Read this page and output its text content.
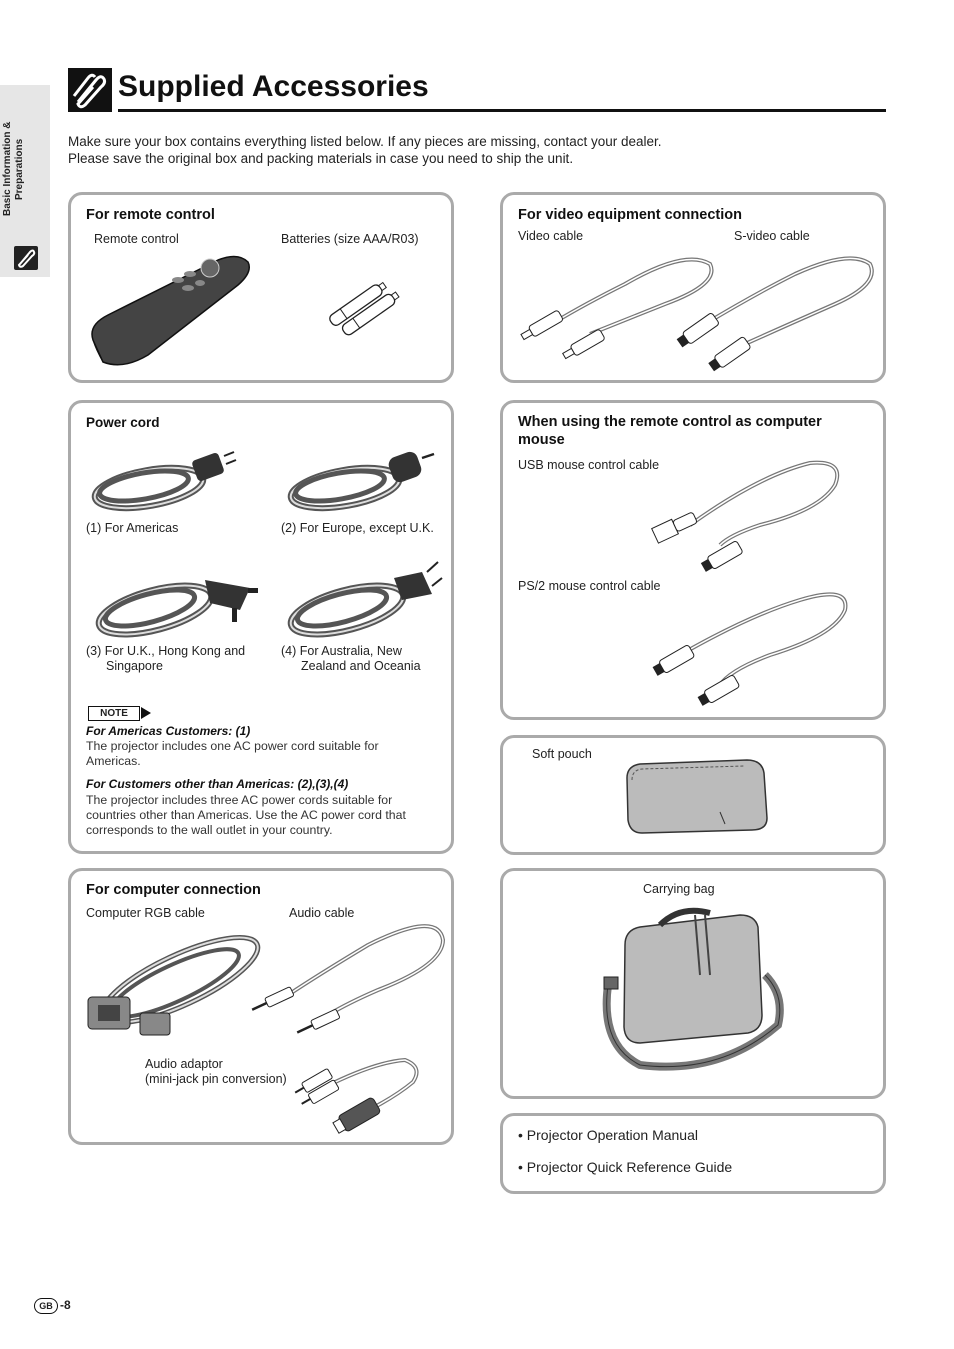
Basic Information & Preparations
Supplied Accessories
Make sure your box contains everything listed below. If any pieces are missing, contact your dealer.
Please save the original box and packing materials in case you need to ship the unit.
For remote control
Remote control	Batteries (size AAA/R03)
For video equipment connection
Video cable	S-video cable
Power cord
(1) For Americas	(2) For Europe, except U.K.
(3) For U.K., Hong Kong and
Singapore
(4) For Australia, New
Zealand and Oceania
NOTE
For Americas Customers: (1)
The projector includes one AC power cord suitable for
Americas.
For Customers other than Americas: (2),(3),(4)
The projector includes three AC power cords suitable for
countries other than Americas. Use the AC power cord that
corresponds to the wall outlet in your country.
When using the remote control as computer
mouse
USB mouse control cable
PS/2 mouse control cable
Soft pouch
For computer connection
Computer RGB cable	Audio cable
Audio adaptor
(mini-jack pin conversion)
Carrying bag
• Projector Operation Manual
• Projector Quick Reference Guide
GB -8
